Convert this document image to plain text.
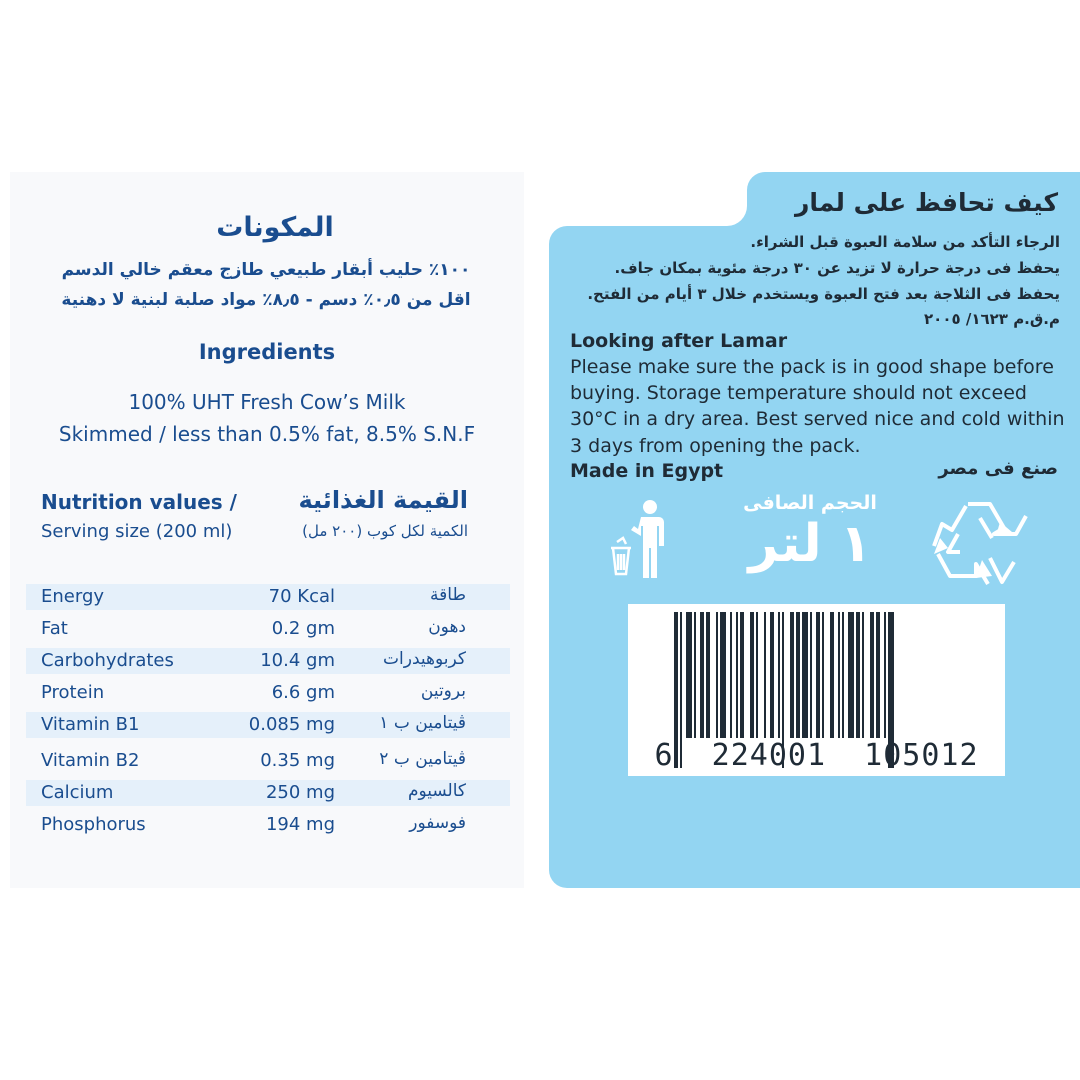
المكونات
١٠٠٪ حليب أبقار طبيعي طازج معقم خالي الدسم
اقل من ٠٫٥٪ دسم - ٨٫٥٪ مواد صلبة لبنية لا دهنية
Ingredients
100% UHT Fresh Cow’s Milk
Skimmed / less than 0.5% fat, 8.5% S.N.F
Nutrition values /
Serving size (200 ml)
القيمة الغذائية
الكمية لكل كوب (٢٠٠ مل)
Energy	70 Kcal	طاقة
Fat	0.2 gm	دهون
Carbohydrates	10.4 gm	كربوهيدرات
Protein	6.6 gm	بروتين
Vitamin B1	0.085 mg	ڤيتامين ب ١
Vitamin B2	0.35 mg	ڤيتامين ب ٢
Calcium	250 mg	كالسيوم
Phosphorus	194 mg	فوسفور
كيف تحافظ على لمار
الرجاء التأكد من سلامة العبوة قبل الشراء.
يحفظ فى درجة حرارة لا تزيد عن ٣٠ درجة مئوية بمكان جاف.
يحفظ فى الثلاجة بعد فتح العبوة ويستخدم خلال ٣ أيام من الفتح.
م.ق.م ١٦٢٣/ ٢٠٠٥
Looking after Lamar
Please make sure the pack is in good shape before
buying. Storage temperature should not exceed
30°C in a dry area. Best served nice and cold within
3 days from opening the pack.
Made in Egypt	صنع فى مصر
الحجم الصافى
١ لتر
6  224001  105012
